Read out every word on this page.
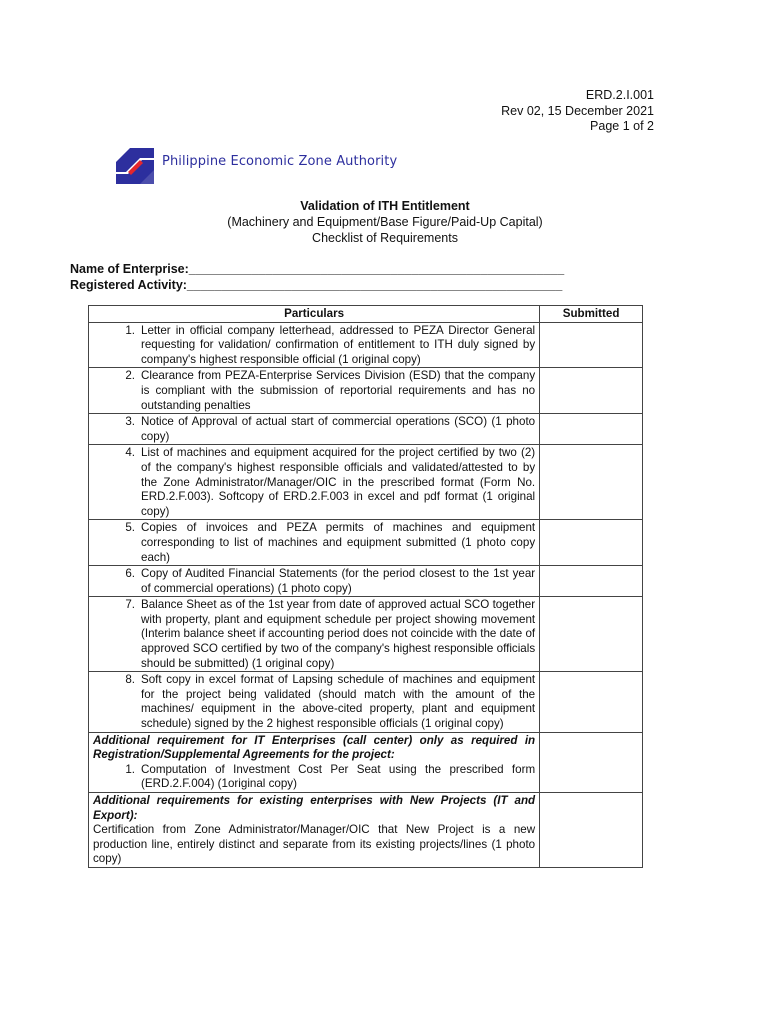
ERD.2.I.001
Rev 02, 15 December 2021
Page 1 of 2
Philippine Economic Zone Authority
Validation of ITH Entitlement
(Machinery and Equipment/Base Figure/Paid-Up Capital)
Checklist of Requirements
Name of Enterprise:______________________________________________________
Registered Activity:______________________________________________________
Particulars	Submitted

1. Letter in official company letterhead, addressed to PEZA Director General requesting for validation/ confirmation of entitlement to ITH duly signed by company's highest responsible official (1 original copy)	

2. Clearance from PEZA-Enterprise Services Division (ESD) that the company is compliant with the submission of reportorial requirements and has no outstanding penalties	

3. Notice of Approval of actual start of commercial operations (SCO) (1 photo copy)	

4. List of machines and equipment acquired for the project certified by two (2) of the company's highest responsible officials and validated/attested to by the Zone Administrator/Manager/OIC in the prescribed format (Form No. ERD.2.F.003). Softcopy of ERD.2.F.003 in excel and pdf format (1 original copy)	

5. Copies of invoices and PEZA permits of machines and equipment corresponding to list of machines and equipment submitted (1 photo copy each)	

6. Copy of Audited Financial Statements (for the period closest to the 1st year of commercial operations) (1 photo copy)	

7. Balance Sheet as of the 1st year from date of approved actual SCO together with property, plant and equipment schedule per project showing movement (Interim balance sheet if accounting period does not coincide with the date of approved SCO certified by two of the company's highest responsible officials should be submitted) (1 original copy)	

8. Soft copy in excel format of Lapsing schedule of machines and equipment for the project being validated (should match with the amount of the machines/ equipment in the above-cited property, plant and equipment schedule) signed by the 2 highest responsible officials (1 original copy)	

Additional requirement for IT Enterprises (call center) only as required in Registration/Supplemental Agreements for the project:
1. Computation of Investment Cost Per Seat using the prescribed form (ERD.2.F.004) (1original copy)	

Additional requirements for existing enterprises with New Projects (IT and Export):
Certification from Zone Administrator/Manager/OIC that New Project is a new production line, entirely distinct and separate from its existing projects/lines (1 photo copy)	
